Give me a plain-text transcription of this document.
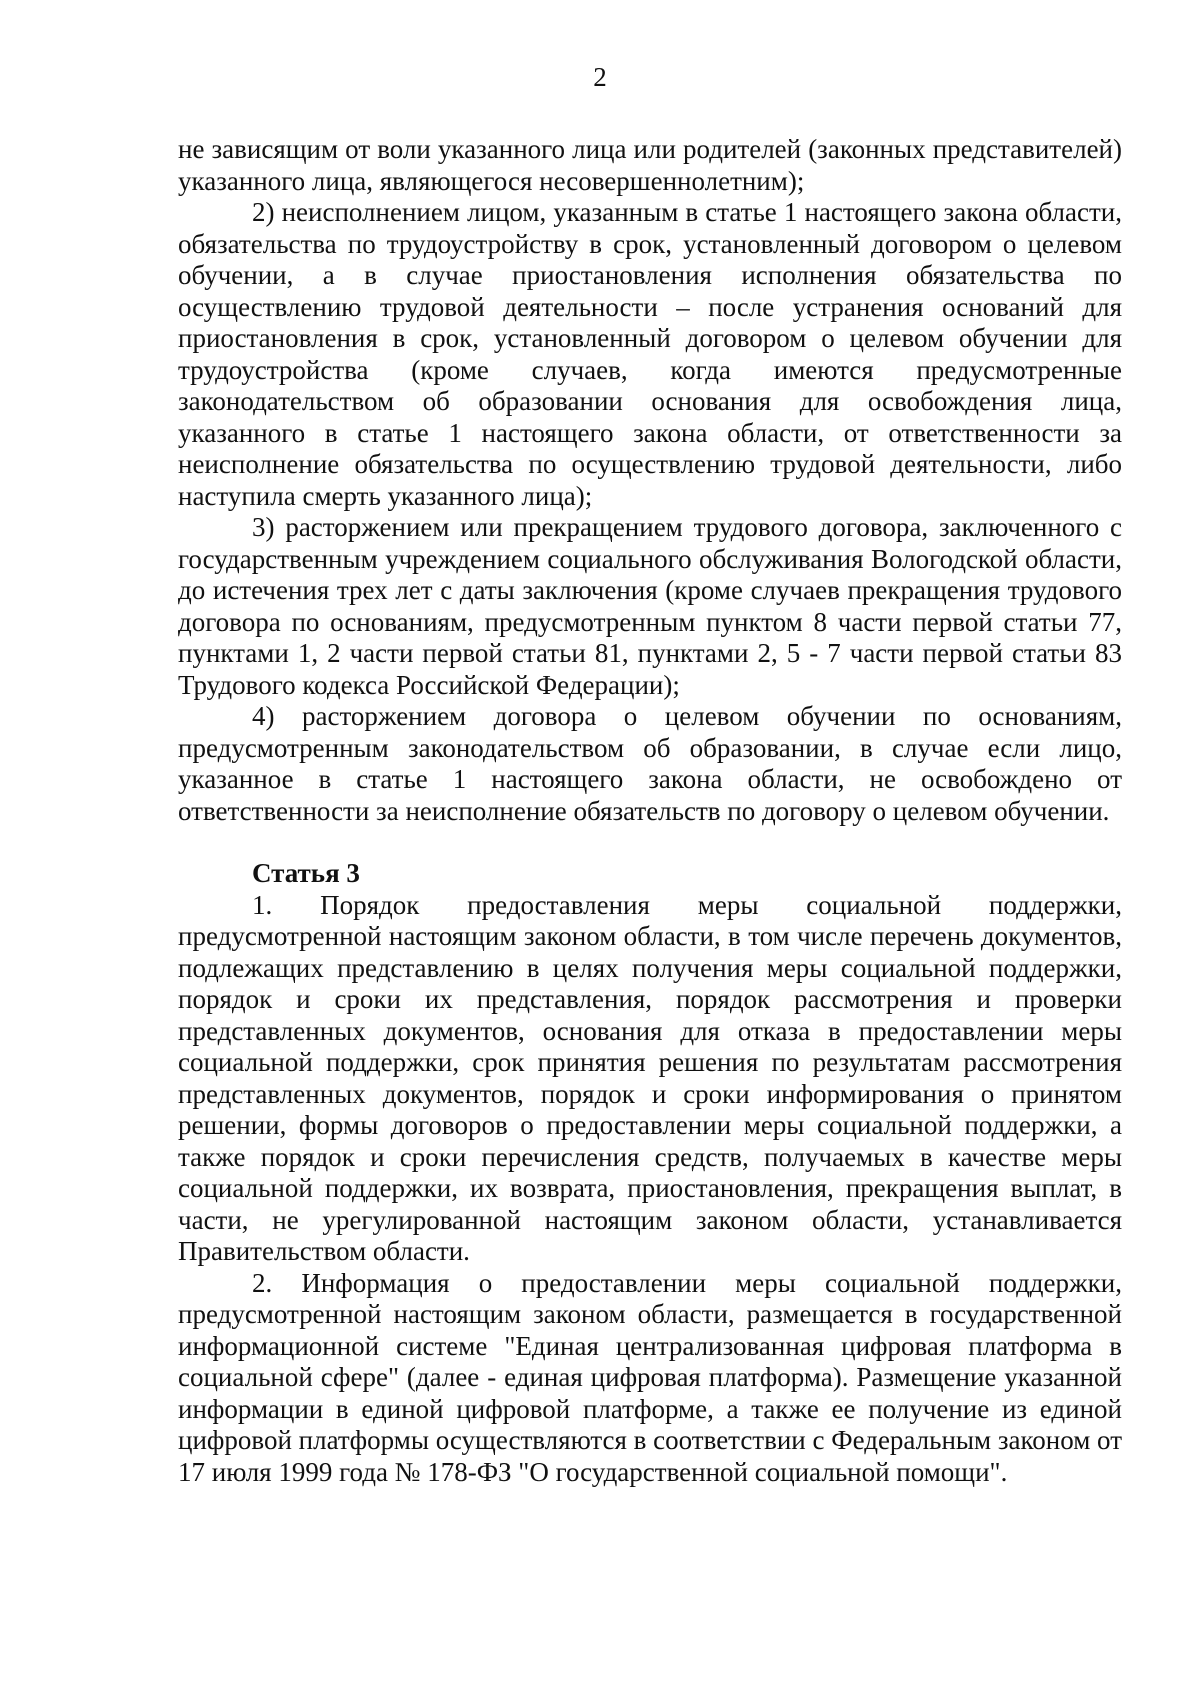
2

не зависящим от воли указанного лица или родителей (законных представителей) указанного лица, являющегося несовершеннолетним);

2) неисполнением лицом, указанным в статье 1 настоящего закона области, обязательства по трудоустройству в срок, установленный договором о целевом обучении, а в случае приостановления исполнения обязательства по осуществлению трудовой деятельности – после устранения оснований для приостановления в срок, установленный договором о целевом обучении для трудоустройства (кроме случаев, когда имеются предусмотренные законодательством об образовании основания для освобождения лица, указанного в статье 1 настоящего закона области, от ответственности за неисполнение обязательства по осуществлению трудовой деятельности, либо наступила смерть указанного лица);

3) расторжением или прекращением трудового договора, заключенного с государственным учреждением социального обслуживания Вологодской области, до истечения трех лет с даты заключения (кроме случаев прекращения трудового договора по основаниям, предусмотренным пунктом 8 части первой статьи 77, пунктами 1, 2 части первой статьи 81, пунктами 2, 5 - 7 части первой статьи 83 Трудового кодекса Российской Федерации);

4) расторжением договора о целевом обучении по основаниям, предусмотренным законодательством об образовании, в случае если лицо, указанное в статье 1 настоящего закона области, не освобождено от ответственности за неисполнение обязательств по договору о целевом обучении.

Статья 3

1. Порядок предоставления меры социальной поддержки, предусмотренной настоящим законом области, в том числе перечень документов, подлежащих представлению в целях получения меры социальной поддержки, порядок и сроки их представления, порядок рассмотрения и проверки представленных документов, основания для отказа в предоставлении меры социальной поддержки, срок принятия решения по результатам рассмотрения представленных документов, порядок и сроки информирования о принятом решении, формы договоров о предоставлении меры социальной поддержки, а также порядок и сроки перечисления средств, получаемых в качестве меры социальной поддержки, их возврата, приостановления, прекращения выплат, в части, не урегулированной настоящим законом области, устанавливается Правительством области.

2. Информация о предоставлении меры социальной поддержки, предусмотренной настоящим законом области, размещается в государственной информационной системе "Единая централизованная цифровая платформа в социальной сфере" (далее - единая цифровая платформа). Размещение указанной информации в единой цифровой платформе, а также ее получение из единой цифровой платформы осуществляются в соответствии с Федеральным законом от 17 июля 1999 года № 178-ФЗ "О государственной социальной помощи".
